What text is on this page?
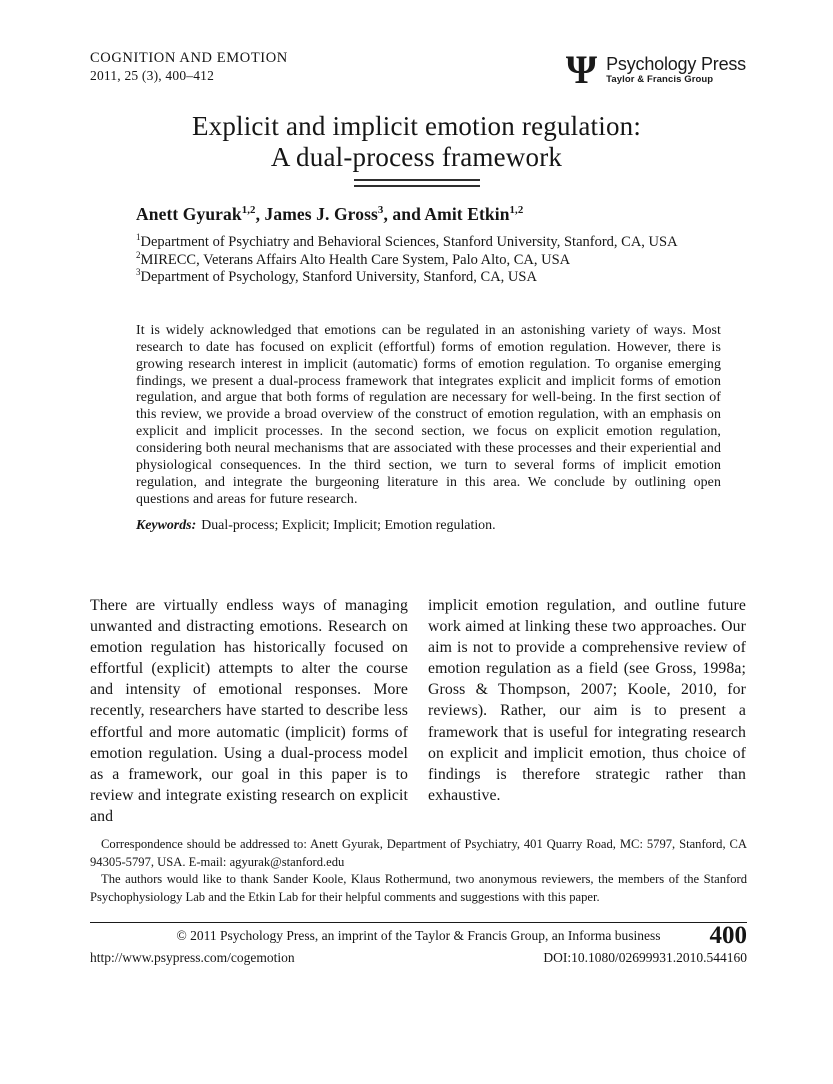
COGNITION AND EMOTION
2011, 25 (3), 400–412	Ψ Psychology Press
Taylor & Francis Group
Explicit and implicit emotion regulation:
A dual-process framework
Anett Gyurak$^{1,2}$, James J. Gross$^3$, and Amit Etkin$^{1,2}$
$^1$Department of Psychiatry and Behavioral Sciences, Stanford University, Stanford, CA, USA
$^2$MIRECC, Veterans Affairs Alto Health Care System, Palo Alto, CA, USA
$^3$Department of Psychology, Stanford University, Stanford, CA, USA

It is widely acknowledged that emotions can be regulated in an astonishing variety of ways. Most research to date has focused on explicit (effortful) forms of emotion regulation. However, there is growing research interest in implicit (automatic) forms of emotion regulation. To organise emerging findings, we present a dual-process framework that integrates explicit and implicit forms of emotion regulation, and argue that both forms of regulation are necessary for well-being. In the first section of this review, we provide a broad overview of the construct of emotion regulation, with an emphasis on explicit and implicit processes. In the second section, we focus on explicit emotion regulation, considering both neural mechanisms that are associated with these processes and their experiential and physiological consequences. In the third section, we turn to several forms of implicit emotion regulation, and integrate the burgeoning literature in this area. We conclude by outlining open questions and areas for future research.

Keywords: Dual-process; Explicit; Implicit; Emotion regulation.

There are virtually endless ways of managing unwanted and distracting emotions. Research on emotion regulation has historically focused on effortful (explicit) attempts to alter the course and intensity of emotional responses. More recently, researchers have started to describe less effortful and more automatic (implicit) forms of emotion regulation. Using a dual-process model as a framework, our goal in this paper is to review and integrate existing research on explicit and
implicit emotion regulation, and outline future work aimed at linking these two approaches. Our aim is not to provide a comprehensive review of emotion regulation as a field (see Gross, 1998a; Gross & Thompson, 2007; Koole, 2010, for reviews). Rather, our aim is to present a framework that is useful for integrating research on explicit and implicit emotion, thus choice of findings is therefore strategic rather than exhaustive.

Correspondence should be addressed to: Anett Gyurak, Department of Psychiatry, 401 Quarry Road, MC: 5797, Stanford, CA 94305-5797, USA. E-mail: agyurak@stanford.edu

The authors would like to thank Sander Koole, Klaus Rothermund, two anonymous reviewers, the members of the Stanford Psychophysiology Lab and the Etkin Lab for their helpful comments and suggestions with this paper.

© 2011 Psychology Press, an imprint of the Taylor & Francis Group, an Informa business 400
http://www.psypress.com/cogemotion	DOI:10.1080/02699931.2010.544160
